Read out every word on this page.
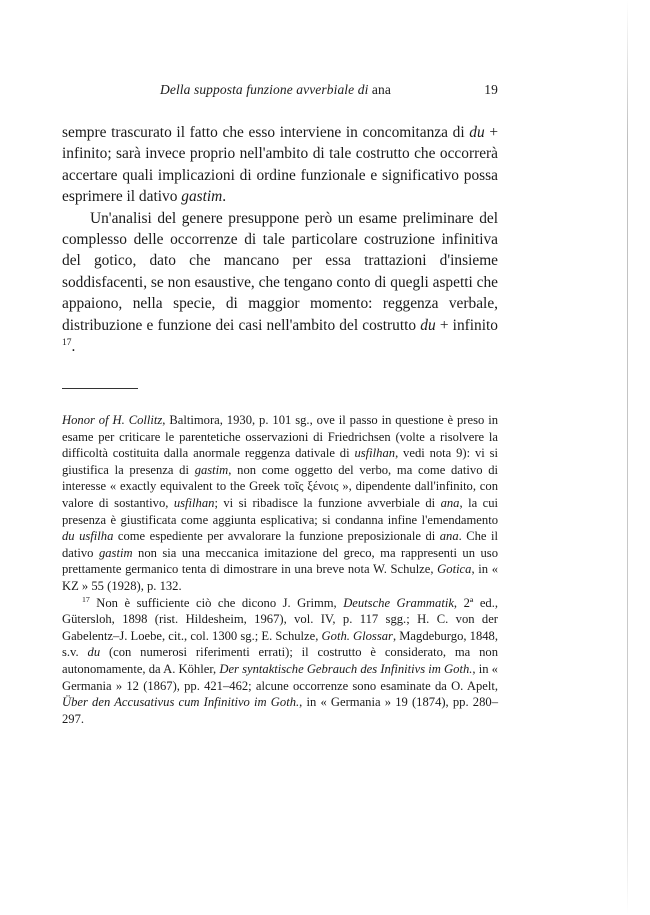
Della supposta funzione avverbiale di ana	19

sempre trascurato il fatto che esso interviene in concomitanza di du + infinito; sarà invece proprio nell'ambito di tale costrutto che occorrerà accertare quali implicazioni di ordine funzionale e significativo possa esprimere il dativo gastim.

Un'analisi del genere presuppone però un esame preliminare del complesso delle occorrenze di tale particolare costruzione infinitiva del gotico, dato che mancano per essa trattazioni d'insieme soddisfacenti, se non esaustive, che tengano conto di quegli aspetti che appaiono, nella specie, di maggior momento: reggenza verbale, distribuzione e funzione dei casi nell'ambito del costrutto du + infinito $^{17}$.

Honor of H. Collitz, Baltimora, 1930, p. 101 sg., ove il passo in questione è preso in esame per criticare le parentetiche osservazioni di Friedrichsen (volte a risolvere la difficoltà costituita dalla anormale reggenza dativale di usfilhan, vedi nota 9): vi si giustifica la presenza di gastim, non come oggetto del verbo, ma come dativo di interesse « exactly equivalent to the Greek τοῖς ξένοις », dipendente dall'infinito, con valore di sostantivo, usfilhan; vi si ribadisce la funzione avverbiale di ana, la cui presenza è giustificata come aggiunta esplicativa; si condanna infine l'emendamento du usfilha come espediente per avvalorare la funzione preposizionale di ana. Che il dativo gastim non sia una meccanica imitazione del greco, ma rappresenti un uso prettamente germanico tenta di dimostrare in una breve nota W. Schulze, Gotica, in « KZ » 55 (1928), p. 132.

$^{17}$ Non è sufficiente ciò che dicono J. Grimm, Deutsche Grammatik, 2ª ed., Gütersloh, 1898 (rist. Hildesheim, 1967), vol. IV, p. 117 sgg.; H. C. von der Gabelentz–J. Loebe, cit., col. 1300 sg.; E. Schulze, Goth. Glossar, Magdeburgo, 1848, s.v. du (con numerosi riferimenti errati); il costrutto è considerato, ma non autonomamente, da A. Köhler, Der syntaktische Gebrauch des Infinitivs im Goth., in « Germania » 12 (1867), pp. 421–462; alcune occorrenze sono esaminate da O. Apelt, Über den Accusativus cum Infinitivo im Goth., in « Germania » 19 (1874), pp. 280–297.
